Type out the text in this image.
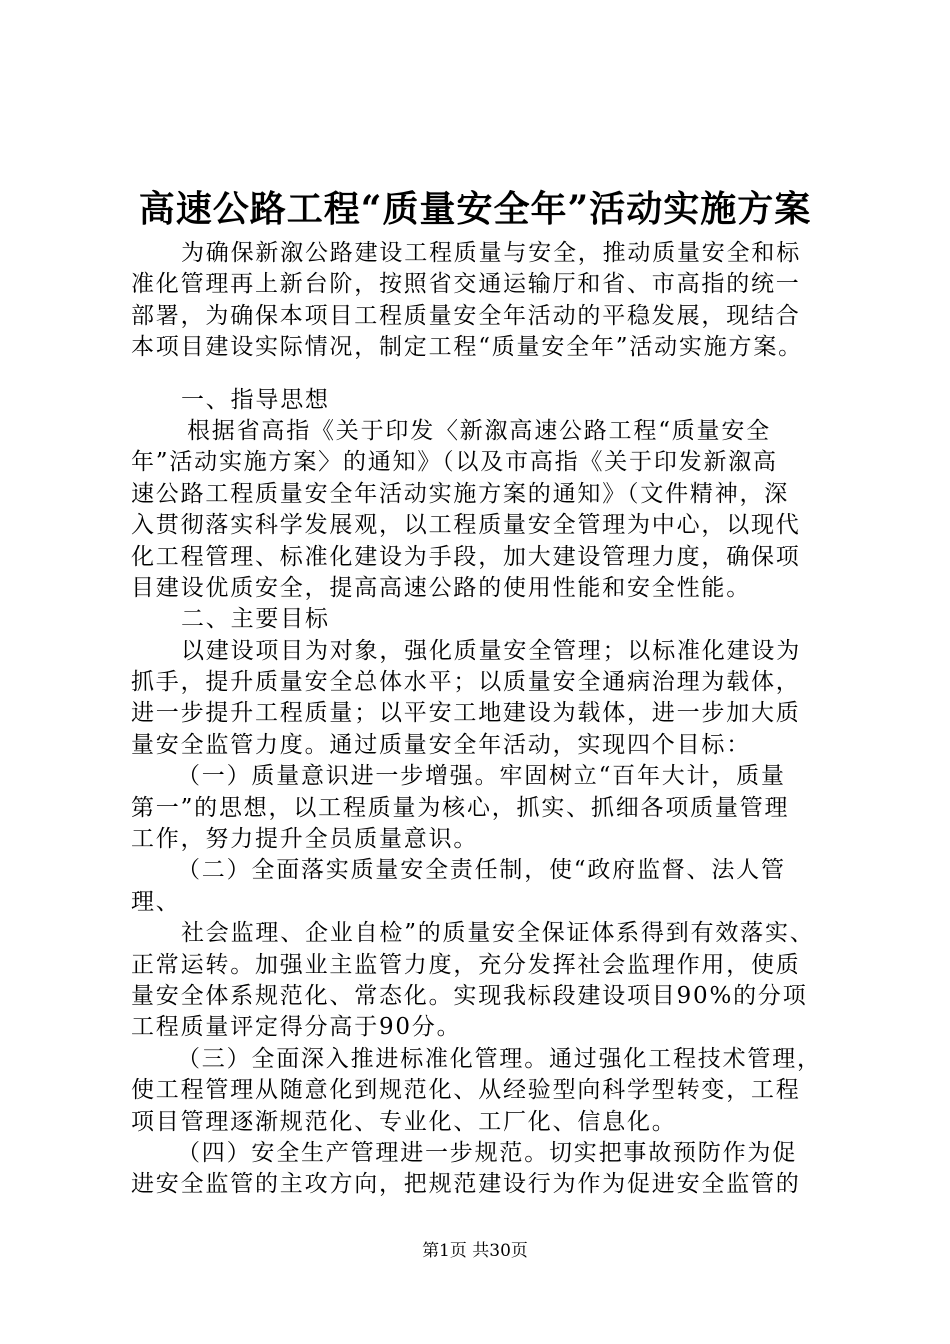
高速公路工程“质量安全年”活动实施方案
为确保新溆公路建设工程质量与安全，推动质量安全和标
准化管理再上新台阶，按照省交通运输厅和省、市高指的统一
部署，为确保本项目工程质量安全年活动的平稳发展，现结合
本项目建设实际情况，制定工程“质量安全年”活动实施方案。
一、指导思想
根据省高指《关于印发〈新溆高速公路工程“质量安全
年”活动实施方案〉的通知》（以及市高指《关于印发新溆高
速公路工程质量安全年活动实施方案的通知》（文件精神，深
入贯彻落实科学发展观，以工程质量安全管理为中心，以现代
化工程管理、标准化建设为手段，加大建设管理力度，确保项
目建设优质安全，提高高速公路的使用性能和安全性能。
二、主要目标
以建设项目为对象，强化质量安全管理；以标准化建设为
抓手，提升质量安全总体水平；以质量安全通病治理为载体，
进一步提升工程质量；以平安工地建设为载体，进一步加大质
量安全监管力度。通过质量安全年活动，实现四个目标：
（一）质量意识进一步增强。牢固树立“百年大计，质量
第一”的思想，以工程质量为核心，抓实、抓细各项质量管理
工作，努力提升全员质量意识。
（二）全面落实质量安全责任制，使“政府监督、法人管
理、
社会监理、企业自检”的质量安全保证体系得到有效落实、
正常运转。加强业主监管力度，充分发挥社会监理作用，使质
量安全体系规范化、常态化。实现我标段建设项目90%的分项
工程质量评定得分高于90分。
（三）全面深入推进标准化管理。通过强化工程技术管理，
使工程管理从随意化到规范化、从经验型向科学型转变，工程
项目管理逐渐规范化、专业化、工厂化、信息化。
（四）安全生产管理进一步规范。切实把事故预防作为促
进安全监管的主攻方向，把规范建设行为作为促进安全监管的
第1页 共30页
